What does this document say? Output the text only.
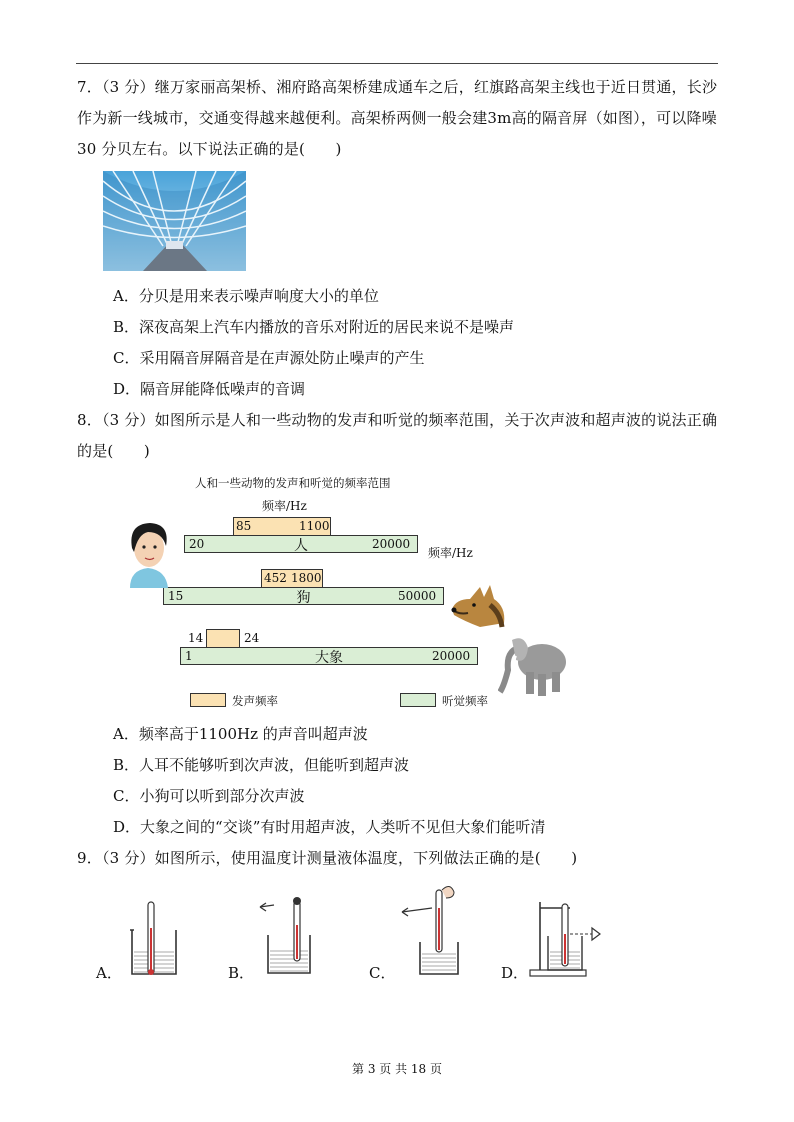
7．（3 分）继万家丽高架桥、湘府路高架桥建成通车之后，红旗路高架主线也于近日贯通，长沙作为新一线城市，交通变得越来越便利。高架桥两侧一般会建3m高的隔音屏（如图），可以降噪 30 分贝左右。以下说法正确的是(　　)
A．分贝是用来表示噪声响度大小的单位
B．深夜高架上汽车内播放的音乐对附近的居民来说不是噪声
C．采用隔音屏隔音是在声源处防止噪声的产生
D．隔音屏能降低噪声的音调
8．（3 分）如图所示是人和一些动物的发声和听觉的频率范围，关于次声波和超声波的说法正确的是(　　)
人和一些动物的发声和听觉的频率范围
频率/Hz
频率/Hz
85	1100
20	20000
人
452 1800
15	50000
狗
14	24
1	20000
大象
发声频率	听觉频率
A．频率高于1100Hz 的声音叫超声波
B．人耳不能够听到次声波，但能听到超声波
C．小狗可以听到部分次声波
D．大象之间的“交谈”有时用超声波，人类听不见但大象们能听清
9．（3 分）如图所示，使用温度计测量液体温度，下列做法正确的是(　　)
A．	B．	C．	D．
第 3 页 共 18 页
